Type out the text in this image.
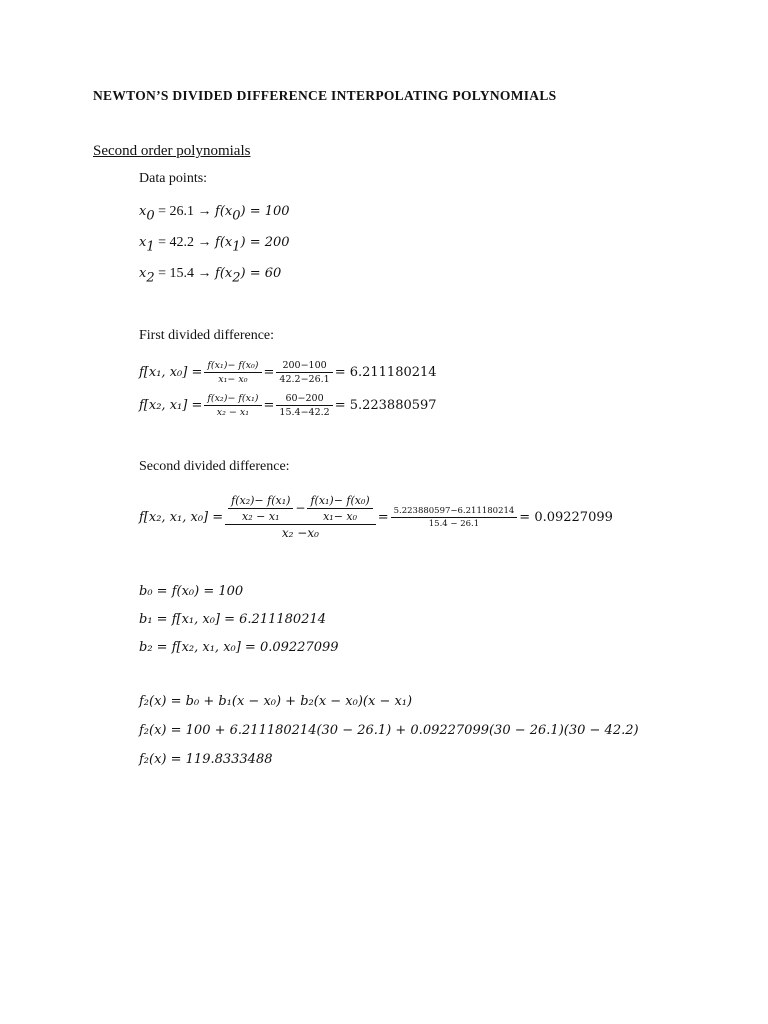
NEWTON’S DIVIDED DIFFERENCE INTERPOLATING POLYNOMIALS
Second order polynomials
Data points:
$x_0 = 26.1 \to f(x_0) = 100$
$x_1 = 42.2 \to f(x_1) = 200$
$x_2 = 15.4 \to f(x_2) = 60$
First divided difference:
f[x₁, $x_0] = \frac{\text{f(x₁)− f(x₀)}}{\text{x₁− x₀}} = \frac{200-100}{42.2-26.1} = 6.211180214$
f[x₂, $x_1] = \frac{\text{f(x₂)− f(x₁)}}{\text{x₂ − x₁}} = \frac{60-200}{15.4-42.2} = 5.223880597$
Second divided difference:
f[x₂, x₁, $x_0] = \frac{\frac{\text{f(x₂)− f(x₁)}}{\text{x₂ − x₁}} - \frac{\text{f(x₁)− f(x₀)}}{\text{x₁− x₀}}}{\text{x₂ −x₀}} = \frac{5.223880597-6.211180214}{15.4 - 26.1} = 0.09227099$
b₀ = f(x₀) = 100
b₁ = f[x₁, x₀] = 6.211180214
b₂ = f[x₂, x₁, x₀] = 0.09227099
f₂(x) = b₀ + b₁(x − x₀) + b₂(x − x₀)(x − x₁)
f₂(x) = 100 + 6.211180214(30 − 26.1) + 0.09227099(30 − 26.1)(30 − 42.2)
f₂(x) = 119.8333488
